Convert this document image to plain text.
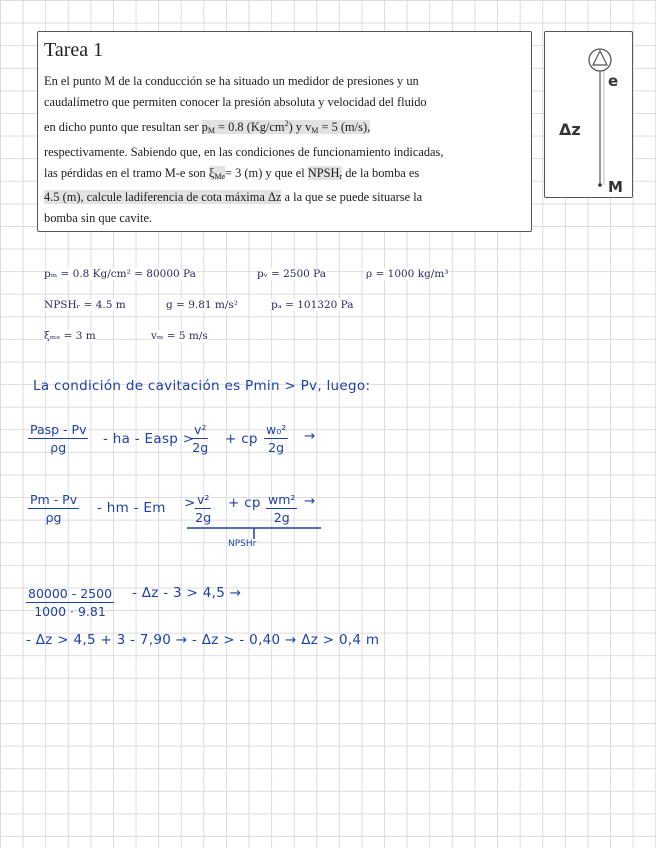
Tarea 1
En el punto M de la conducción se ha situado un medidor de presiones y un
caudalímetro que permiten conocer la presión absoluta y velocidad del fluido
en dicho punto que resultan ser $p_M = 0.8$ $(Kg/cm^2)$ y $v_M = 5$ (m/s),
respectivamente. Sabiendo que, en las condiciones de funcionamiento indicadas,
las pérdidas en el tramo M-e son $\xi_{Me}= 3$ (m) y que el $NPSH_r$ de la bomba es
4.5 (m), calcule ladiferencia de cota máxima Δz a la que se puede situarse la
bomba sin que cavite.
e
Δz
M
pₘ = 0.8 Kg/cm² = 80000 Pa	pᵥ = 2500 Pa	ρ = 1000 kg/m³
NPSHᵣ = 4.5 m	g = 9.81 m/s²	pₐ = 101320 Pa
ξₘₑ = 3 m	vₘ = 5 m/s
La condición de cavitación es Pmin > Pv, luego:
Pasp - Pv
ρg
- ha - Easp >
$\frac{\text{v²}}{2g}$ + cp $\frac{\text{w₀²}}{2g}$ →
$\frac{Pm - Pv}{\rho g}$ - hm - $Em > \frac{\text{v²}}{2g}$ + cp $\frac{\text{wm²}}{2g}$ →
NPSHr
$\frac{80000 - 2500}{1000 \cdot 9.81} - \Delta z - 3 > 4,5$ →
- Δz > 4,5 + 3 - 7,90 → - Δz > - 0,40 → Δz > 0,4 m
